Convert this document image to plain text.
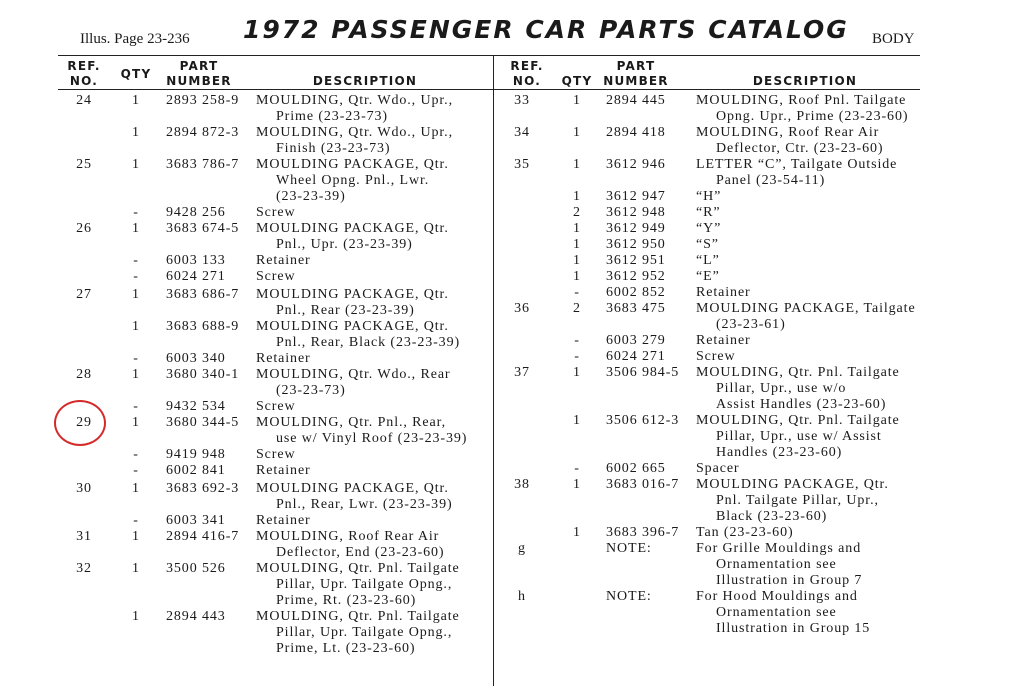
Illus. Page 23-236 1972 PASSENGER CAR PARTS CATALOG BODY
REF.
NO.	QTY
PART
NUMBER	DESCRIPTION
REF.
NO.	QTY
PART
NUMBER	DESCRIPTION
24	1	2893 258-9 MOULDING, Qtr. Wdo., Upr.,
Prime (23-23-73)
1	2894 872-3 MOULDING, Qtr. Wdo., Upr.,
Finish (23-23-73)
25	1	3683 786-7 MOULDING PACKAGE, Qtr.
Wheel Opng. Pnl., Lwr.
(23-23-39)
-	9428 256 Screw
26	1	3683 674-5 MOULDING PACKAGE, Qtr.
Pnl., Upr. (23-23-39)
-	6003 133 Retainer
-	6024 271 Screw
27	1	3683 686-7 MOULDING PACKAGE, Qtr.
Pnl., Rear (23-23-39)
1	3683 688-9 MOULDING PACKAGE, Qtr.
Pnl., Rear, Black (23-23-39)
-	6003 340 Retainer
28	1	3680 340-1 MOULDING, Qtr. Wdo., Rear
(23-23-73)
-	9432 534 Screw
29	1	3680 344-5 MOULDING, Qtr. Pnl., Rear,
use w/ Vinyl Roof (23-23-39)
-	9419 948 Screw
-	6002 841 Retainer
30	1	3683 692-3 MOULDING PACKAGE, Qtr.
Pnl., Rear, Lwr. (23-23-39)
-	6003 341 Retainer
31	1	2894 416-7 MOULDING, Roof Rear Air
Deflector, End (23-23-60)
32	1	3500 526 MOULDING, Qtr. Pnl. Tailgate
Pillar, Upr. Tailgate Opng.,
Prime, Rt. (23-23-60)
1	2894 443 MOULDING, Qtr. Pnl. Tailgate
Pillar, Upr. Tailgate Opng.,
Prime, Lt. (23-23-60)
33	1	2894 445 MOULDING, Roof Pnl. Tailgate
Opng. Upr., Prime (23-23-60)
34	1	2894 418 MOULDING, Roof Rear Air
Deflector, Ctr. (23-23-60)
35	1	3612 946 LETTER “C”, Tailgate Outside
Panel (23-54-11)
1	3612 947 “H”
2	3612 948 “R”
1	3612 949 “Y”
1	3612 950 “S”
1	3612 951 “L”
1	3612 952 “E”
-	6002 852 Retainer
36	2	3683 475 MOULDING PACKAGE, Tailgate
(23-23-61)
-	6003 279 Retainer
-	6024 271 Screw
37	1	3506 984-5 MOULDING, Qtr. Pnl. Tailgate
Pillar, Upr., use w/o
Assist Handles (23-23-60)
1	3506 612-3 MOULDING, Qtr. Pnl. Tailgate
Pillar, Upr., use w/ Assist
Handles (23-23-60)
-	6002 665 Spacer
38	1	3683 016-7 MOULDING PACKAGE, Qtr.
Pnl. Tailgate Pillar, Upr.,
Black (23-23-60)
1	3683 396-7 Tan (23-23-60)
g	NOTE:	For Grille Mouldings and
Ornamentation see
Illustration in Group 7
h	NOTE:	For Hood Mouldings and
Ornamentation see
Illustration in Group 15
